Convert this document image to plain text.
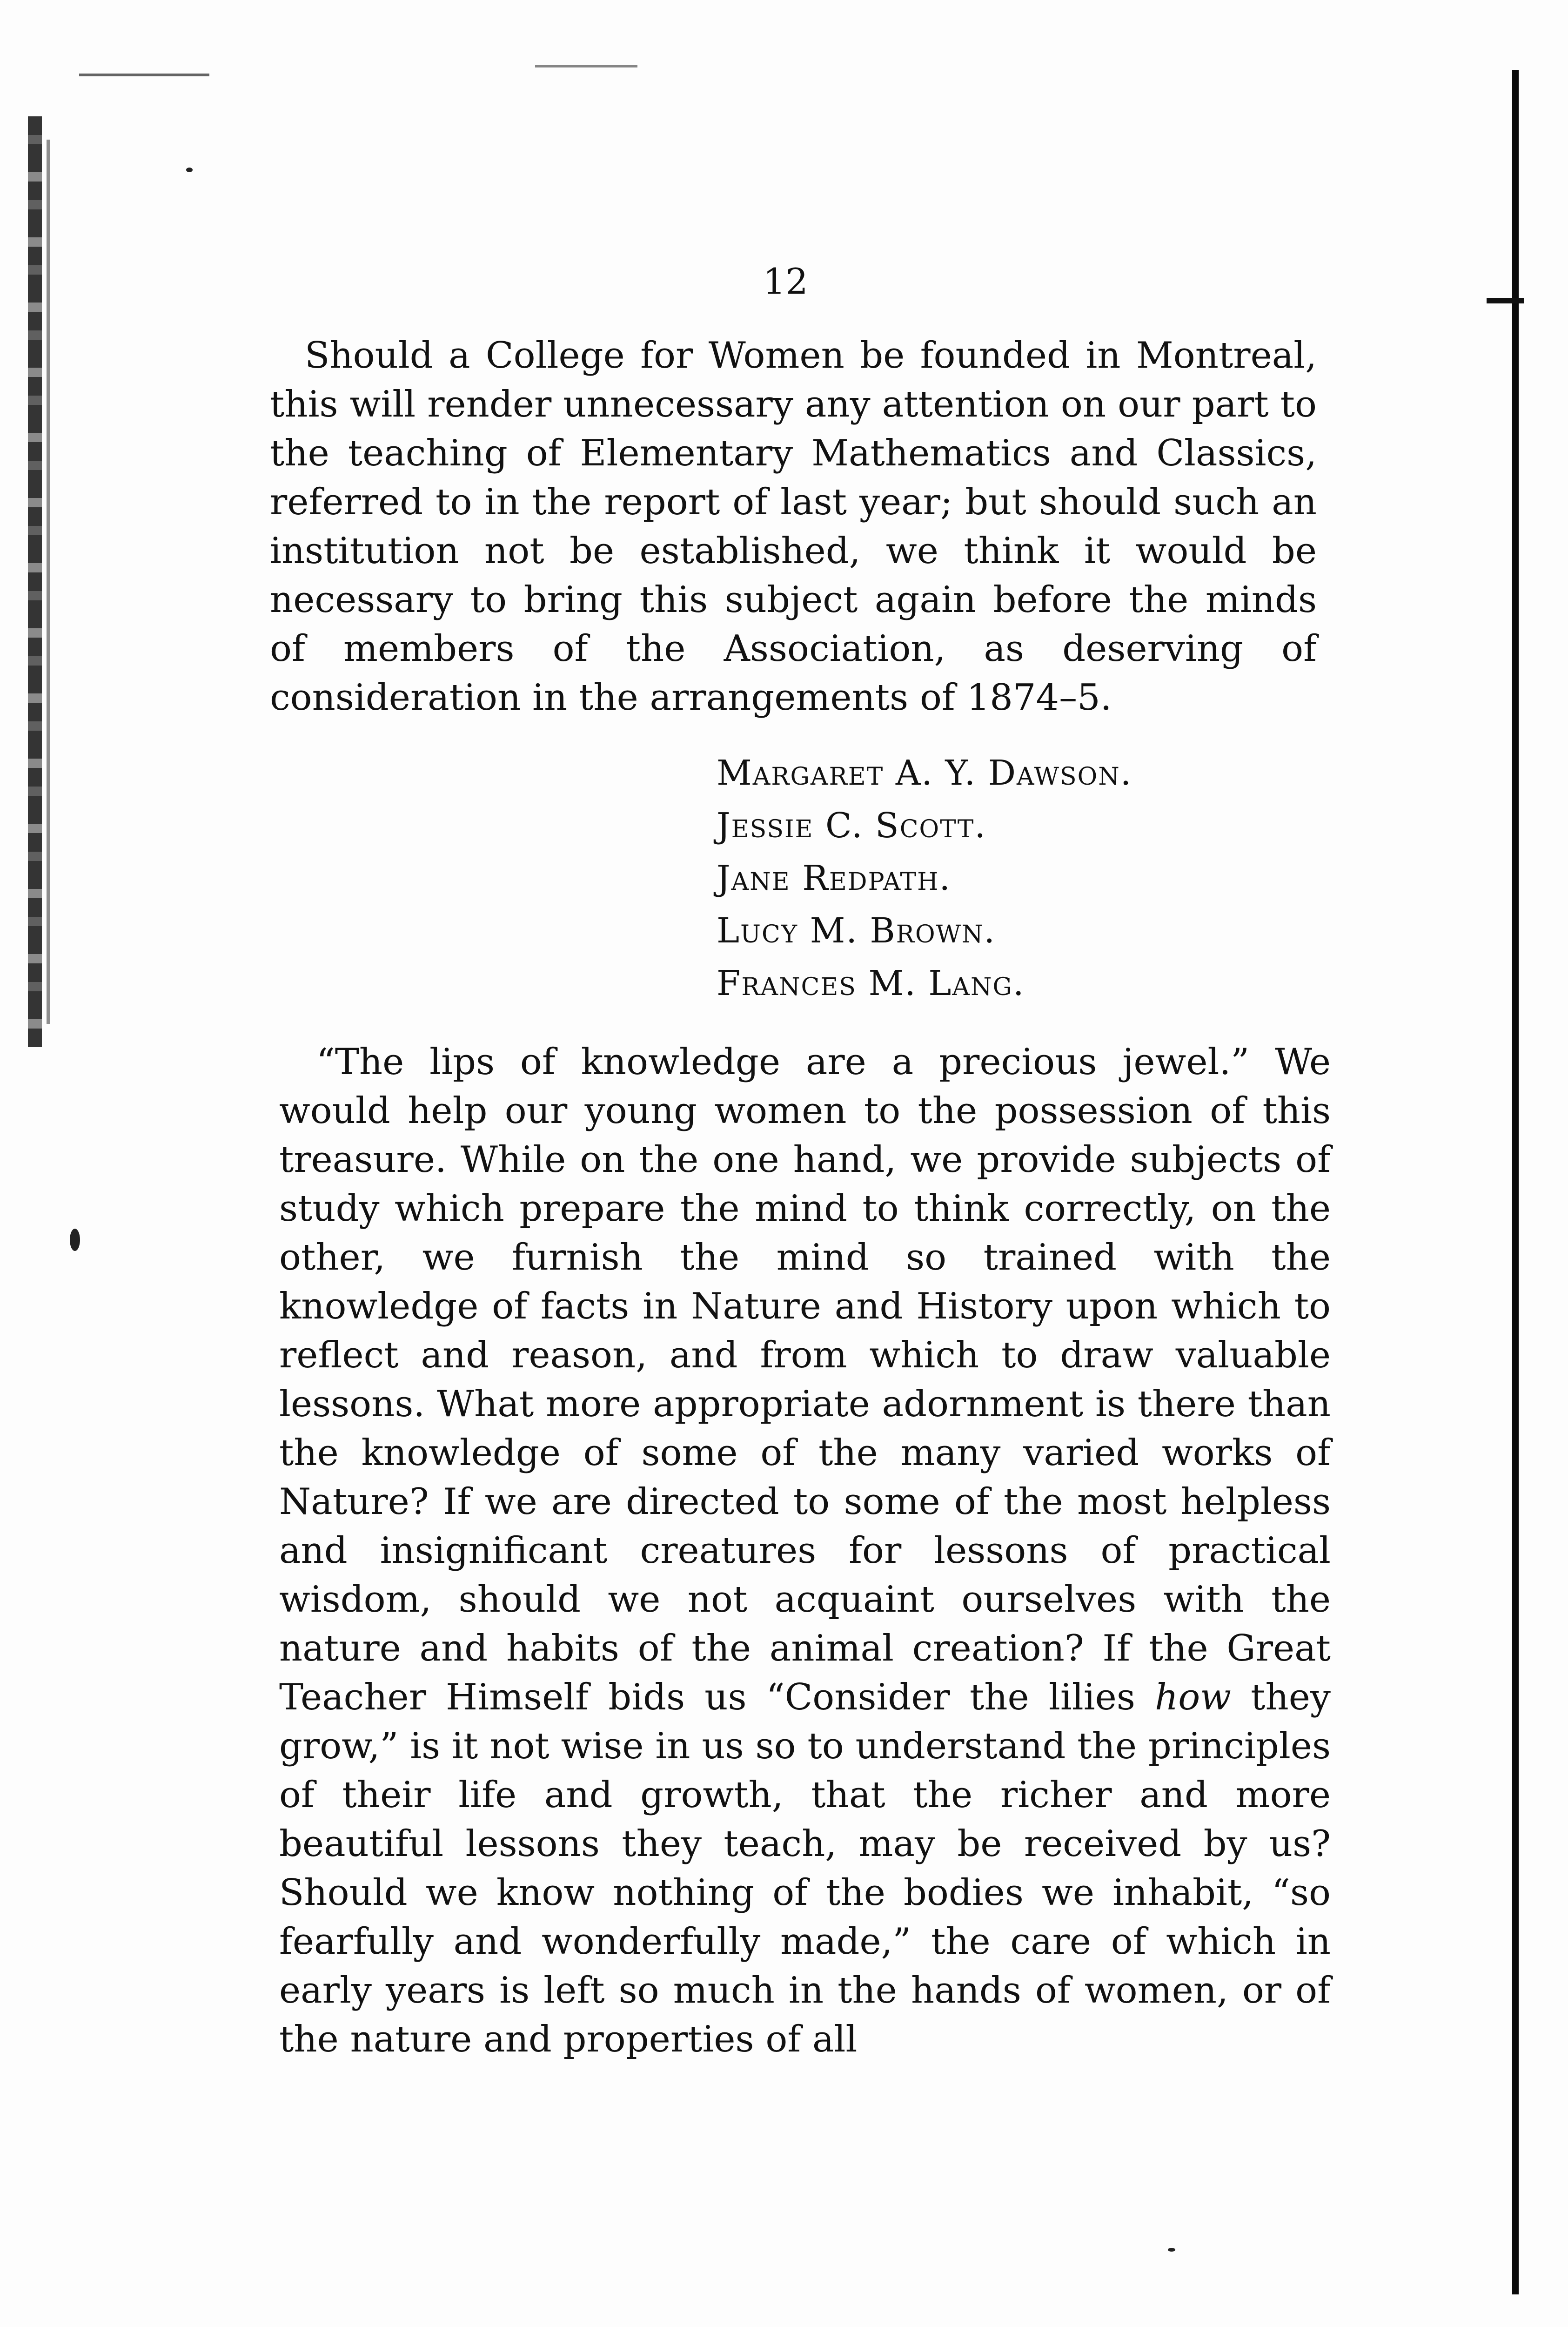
12

Should a College for Women be founded in Montreal, this will render unnecessary any attention on our part to the teaching of Elementary Mathematics and Classics, referred to in the report of last year; but should such an institution not be established, we think it would be necessary to bring this subject again before the minds of members of the Association, as deserving of consideration in the arrangements of 1874–5.

Margaret A. Y. Dawson.
Jessie C. Scott.
Jane Redpath.
Lucy M. Brown.
Frances M. Lang.

“The lips of knowledge are a precious jewel.” We would help our young women to the possession of this treasure. While on the one hand, we provide subjects of study which prepare the mind to think correctly, on the other, we furnish the mind so trained with the knowledge of facts in Nature and History upon which to reflect and reason, and from which to draw valuable lessons. What more appropriate adornment is there than the knowledge of some of the many varied works of Nature? If we are directed to some of the most helpless and insignificant creatures for lessons of practical wisdom, should we not acquaint ourselves with the nature and habits of the animal creation? If the Great Teacher Himself bids us “Consider the lilies how they grow,” is it not wise in us so to understand the principles of their life and growth, that the richer and more beautiful lessons they teach, may be received by us? Should we know nothing of the bodies we inhabit, “so fearfully and wonderfully made,” the care of which in early years is left so much in the hands of women, or of the nature and properties of all
